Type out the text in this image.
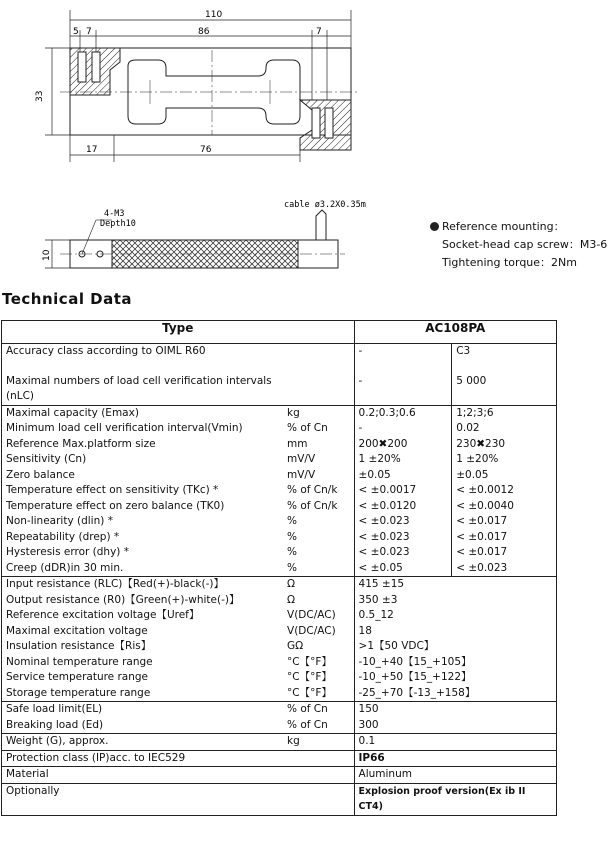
110
5 7	86	7
33
17	76
10
4-M3
Depth10
cable ø3.2X0.35m
Reference mounting：
Socket-head cap screw：M3-6
Tightening torque：2Nm
Technical Data
Type		AC108PA	
Accuracy class according to OIML R60		-	C3

Maximal numbers of load cell verification intervals (nLC)		-	5 000
Maximal capacity (Emax)	kg	0.2;0.3;0.6	1;2;3;6
Minimum load cell verification interval(Vmin)	% of Cn	-	0.02
Reference Max.platform size	mm	200✖200	230✖230
Sensitivity (Cn)	mV/V	1 ±20%	1 ±20%
Zero balance	mV/V	±0.05	±0.05
Temperature effect on sensitivity (TKc) *	% of Cn/k	< ±0.0017	< ±0.0012
Temperature effect on zero balance (TK0)	% of Cn/k	< ±0.0120	< ±0.0040
Non-linearity (dlin) *	%	< ±0.023	< ±0.017
Repeatability (drep) *	%	< ±0.023	< ±0.017
Hysteresis error (dhy) *	%	< ±0.023	< ±0.017
Creep (dDR)in 30 min.	%	< ±0.05	< ±0.023
Input resistance (RLC)【Red(+)-black(-)】	Ω	415 ±15	
Output resistance (R0)【Green(+)-white(-)】	Ω	350 ±3	
Reference excitation voltage【Uref】	V(DC/AC)	0.5_12	
Maximal excitation voltage	V(DC/AC)	18	
Insulation resistance【Ris】	GΩ	>1【50 VDC】	
Nominal temperature range	°C【°F】	-10_+40【15_+105】	
Service temperature range	°C【°F】	-10_+50【15_+122】	
Storage temperature range	°C【°F】	-25_+70【-13_+158】	
Safe load limit(EL)	% of Cn	150	
Breaking load (Ed)	% of Cn	300	
Weight (G), approx.	kg	0.1	
Protection class (IP)acc. to IEC529		IP66	
Material		Aluminum	
Optionally		Explosion proof version(Ex ib II CT4)	
